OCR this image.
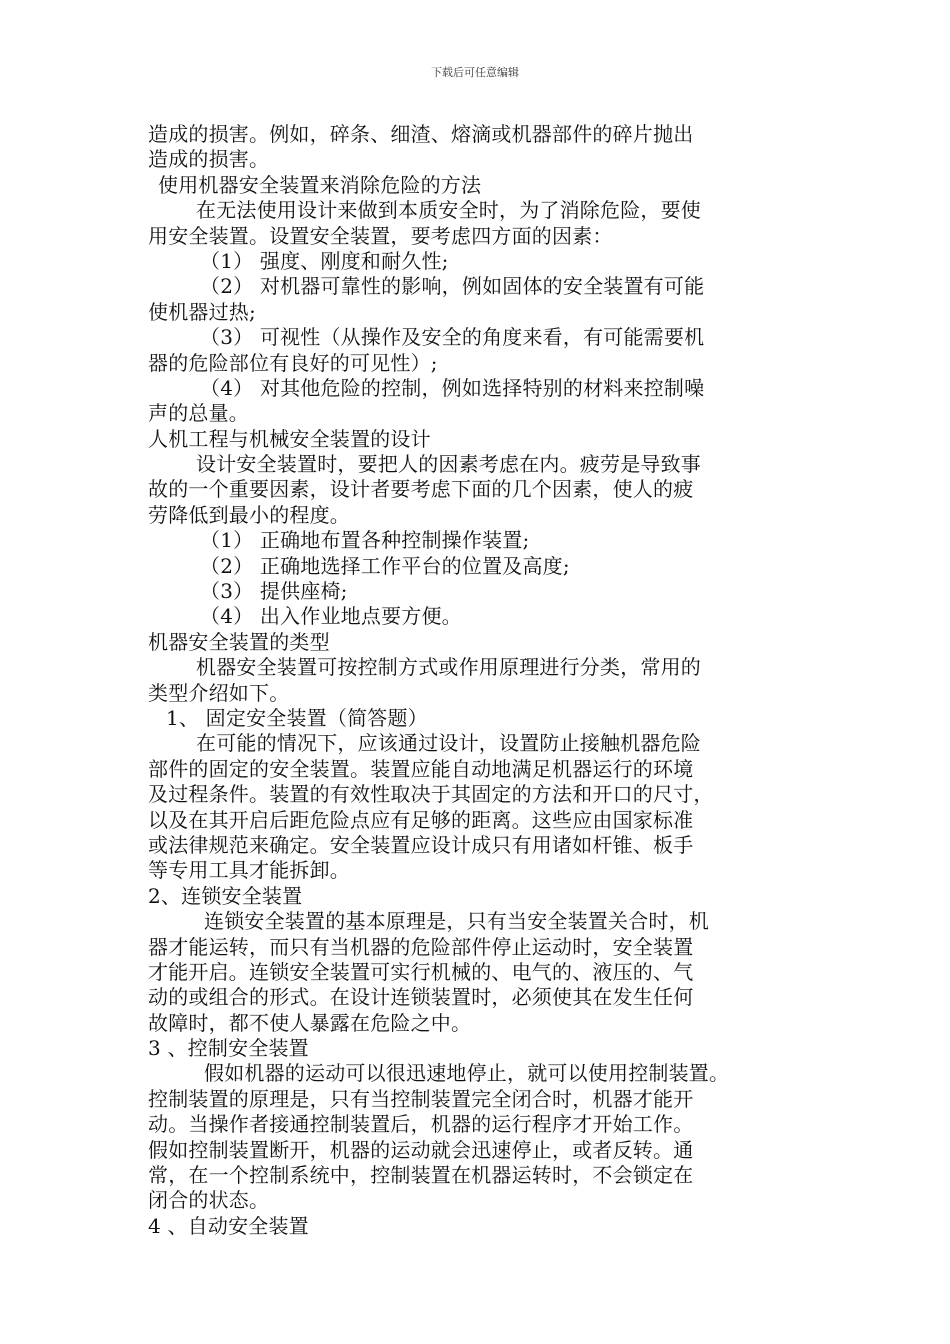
下载后可任意编辑
造成的损害。例如，碎条、细渣、熔滴或机器部件的碎片抛出
造成的损害。
使用机器安全装置来消除危险的方法
在无法使用设计来做到本质安全时，为了消除危险，要使
用安全装置。设置安全装置，要考虑四方面的因素：
（1） 强度、刚度和耐久性;
（2） 对机器可靠性的影响，例如固体的安全装置有可能
使机器过热;
（3） 可视性（从操作及安全的角度来看，有可能需要机
器的危险部位有良好的可见性）;
（4） 对其他危险的控制，例如选择特别的材料来控制噪
声的总量。
人机工程与机械安全装置的设计
设计安全装置时，要把人的因素考虑在内。疲劳是导致事
故的一个重要因素，设计者要考虑下面的几个因素，使人的疲
劳降低到最小的程度。
（1） 正确地布置各种控制操作装置;
（2） 正确地选择工作平台的位置及高度;
（3） 提供座椅;
（4） 出入作业地点要方便。
机器安全装置的类型
机器安全装置可按控制方式或作用原理进行分类，常用的
类型介绍如下。
1、 固定安全装置（简答题）
在可能的情况下，应该通过设计，设置防止接触机器危险
部件的固定的安全装置。装置应能自动地满足机器运行的环境
及过程条件。装置的有效性取决于其固定的方法和开口的尺寸，
以及在其开启后距危险点应有足够的距离。这些应由国家标准
或法律规范来确定。安全装置应设计成只有用诸如杆锥、板手
等专用工具才能拆卸。
2、连锁安全装置
连锁安全装置的基本原理是，只有当安全装置关合时，机
器才能运转，而只有当机器的危险部件停止运动时，安全装置
才能开启。连锁安全装置可实行机械的、电气的、液压的、气
动的或组合的形式。在设计连锁装置时，必须使其在发生任何
故障时，都不使人暴露在危险之中。
3 、控制安全装置
假如机器的运动可以很迅速地停止，就可以使用控制装置。
控制装置的原理是，只有当控制装置完全闭合时，机器才能开
动。当操作者接通控制装置后，机器的运行程序才开始工作。
假如控制装置断开，机器的运动就会迅速停止，或者反转。通
常，在一个控制系统中，控制装置在机器运转时，不会锁定在
闭合的状态。
4 、自动安全装置
